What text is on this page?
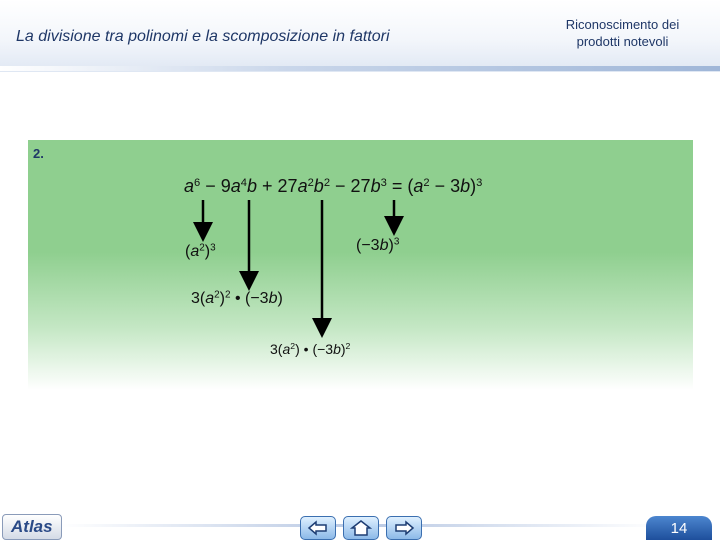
La divisione tra polinomi e la scomposizione in fattori
Riconoscimento dei
prodotti notevoli
2.
$a^6 - 9a^4b + 27a^2b^2 - 27b^3 = (a^2 - 3b)^3$
$(a^2)^3$	$(-3b)^3$
$3(a^2)^2$ • (−3b)
$3(a^2)$ • $(-3b)^2$
Atlas	14
